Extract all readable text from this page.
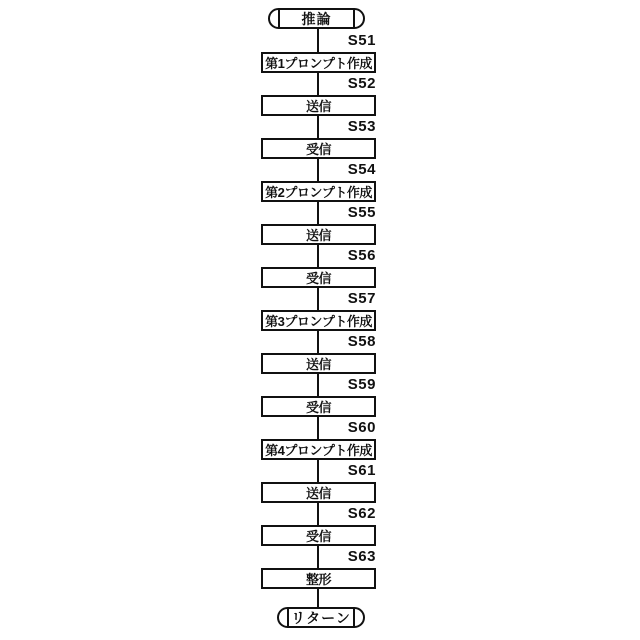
推論
S51
第1プロンプト作成
S52
送信
S53
受信
S54
第2プロンプト作成
S55
送信
S56
受信
S57
第3プロンプト作成
S58
送信
S59
受信
S60
第4プロンプト作成
S61
送信
S62
受信
S63
整形
リターン
